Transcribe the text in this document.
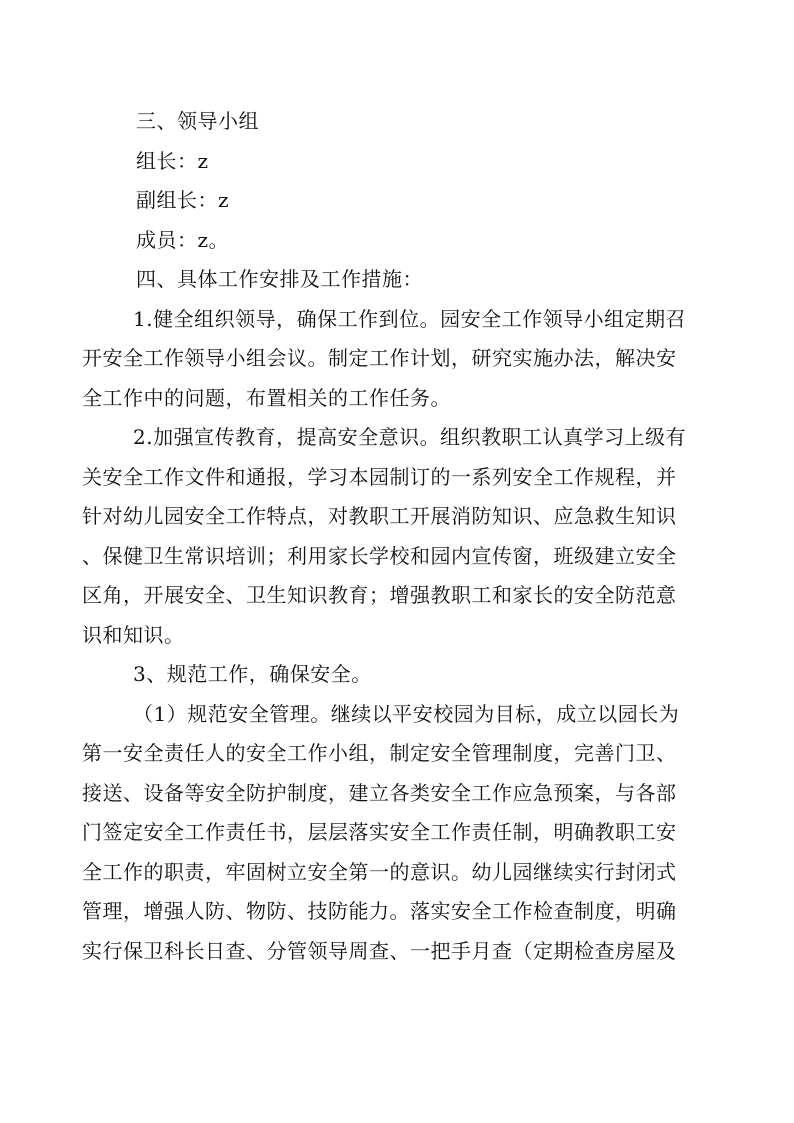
三、领导小组

组长：z

副组长：z

成员：z。

四、具体工作安排及工作措施：

1.健全组织领导，确保工作到位。园安全工作领导小组定期召

开安全工作领导小组会议。制定工作计划，研究实施办法，解决安

全工作中的问题，布置相关的工作任务。

2.加强宣传教育，提高安全意识。组织教职工认真学习上级有

关安全工作文件和通报，学习本园制订的一系列安全工作规程，并

针对幼儿园安全工作特点，对教职工开展消防知识、应急救生知识

、保健卫生常识培训；利用家长学校和园内宣传窗，班级建立安全

区角，开展安全、卫生知识教育；增强教职工和家长的安全防范意

识和知识。

3、规范工作，确保安全。

（1）规范安全管理。继续以平安校园为目标，成立以园长为

第一安全责任人的安全工作小组，制定安全管理制度，完善门卫、

接送、设备等安全防护制度，建立各类安全工作应急预案，与各部

门签定安全工作责任书，层层落实安全工作责任制，明确教职工安

全工作的职责，牢固树立安全第一的意识。幼儿园继续实行封闭式

管理，增强人防、物防、技防能力。落实安全工作检查制度，明确

实行保卫科长日查、分管领导周查、一把手月查（定期检查房屋及
